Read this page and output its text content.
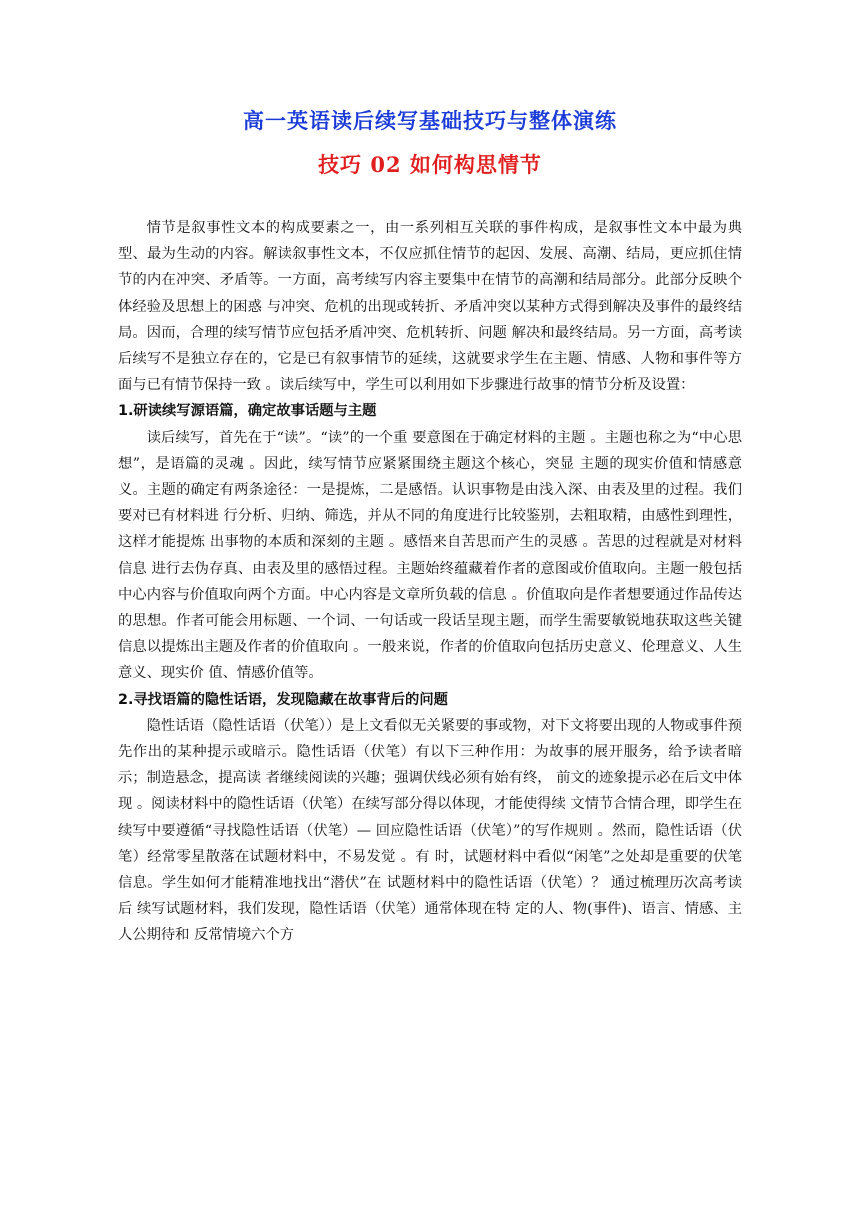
高一英语读后续写基础技巧与整体演练
技巧 02 如何构思情节

情节是叙事性文本的构成要素之一，由一系列相互关联的事件构成，是叙事性文本中最为典型、最为生动的内容。解读叙事性文本，不仅应抓住情节的起因、发展、高潮、结局，更应抓住情节的内在冲突、矛盾等。一方面，高考续写内容主要集中在情节的高潮和结局部分。此部分反映个体经验及思想上的困惑 与冲突、危机的出现或转折、矛盾冲突以某种方式得到解决及事件的最终结局。因而，合理的续写情节应包括矛盾冲突、危机转折、问题 解决和最终结局。另一方面，高考读后续写不是独立存在的，它是已有叙事情节的延续，这就要求学生在主题、情感、人物和事件等方面与已有情节保持一致 。读后续写中，学生可以利用如下步骤进行故事的情节分析及设置：

1.研读续写源语篇，确定故事话题与主题

读后续写，首先在于“读”。“读”的一个重 要意图在于确定材料的主题 。主题也称之为“中心思想”，是语篇的灵魂 。因此，续写情节应紧紧围绕主题这个核心，突显 主题的现实价值和情感意义。主题的确定有两条途径：一是提炼，二是感悟。认识事物是由浅入深、由表及里的过程。我们要对已有材料进 行分析、归纳、筛选，并从不同的角度进行比较鉴别，去粗取精，由感性到理性，这样才能提炼 出事物的本质和深刻的主题 。感悟来自苦思而产生的灵感 。苦思的过程就是对材料信息 进行去伪存真、由表及里的感悟过程。主题始终蕴藏着作者的意图或价值取向。主题一般包括中心内容与价值取向两个方面。中心内容是文章所负载的信息 。价值取向是作者想要通过作品传达的思想。作者可能会用标题、一个词、一句话或一段话呈现主题，而学生需要敏锐地获取这些关键信息以提炼出主题及作者的价值取向 。一般来说，作者的价值取向包括历史意义、伦理意义、人生意义、现实价 值、情感价值等。

2.寻找语篇的隐性话语，发现隐藏在故事背后的问题

隐性话语（隐性话语（伏笔））是上文看似无关紧要的事或物，对下文将要出现的人物或事件预先作出的某种提示或暗示。隐性话语（伏笔）有以下三种作用：为故事的展开服务，给予读者暗示；制造悬念，提高读 者继续阅读的兴趣；强调伏线必须有始有终， 前文的迹象提示必在后文中体现 。阅读材料中的隐性话语（伏笔）在续写部分得以体现，才能使得续 文情节合情合理，即学生在续写中要遵循“寻找隐性话语（伏笔）— 回应隐性话语（伏笔）”的写作规则 。然而，隐性话语（伏笔）经常零星散落在试题材料中，不易发觉 。有 时，试题材料中看似“闲笔”之处却是重要的伏笔信息。学生如何才能精准地找出“潜伏”在 试题材料中的隐性话语（伏笔）？ 通过梳理历次高考读后 续写试题材料，我们发现，隐性话语（伏笔）通常体现在特 定的人、物(事件)、语言、情感、主人公期待和 反常情境六个方
